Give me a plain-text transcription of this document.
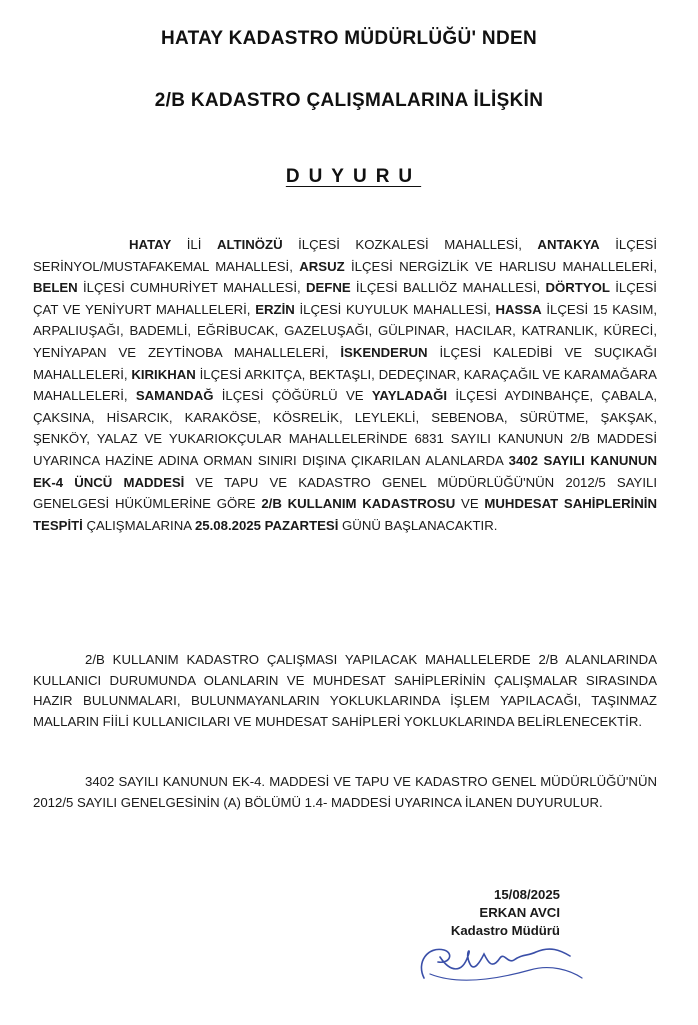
HATAY KADASTRO MÜDÜRLÜĞÜ' NDEN
2/B KADASTRO ÇALIŞMALARINA İLİŞKİN
DUYURU
HATAY İLİ ALTINÖZÜ İLÇESİ KOZKALESİ MAHALLESİ, ANTAKYA İLÇESİ SERİNYOL/MUSTAFAKEMAL MAHALLESİ, ARSUZ İLÇESİ NERGİZLİK VE HARLISU MAHALLELERİ, BELEN İLÇESİ CUMHURİYET MAHALLESİ, DEFNE İLÇESİ BALLIÖZ MAHALLESİ, DÖRTYOL İLÇESİ ÇAT VE YENİYURT MAHALLELERİ, ERZİN İLÇESİ KUYULUK MAHALLESİ, HASSA İLÇESİ 15 KASIM, ARPALIUŞAĞI, BADEMLİ, EĞRİBUCAK, GAZELUŞAĞI, GÜLPINAR, HACILAR, KATRANLIK, KÜRECİ, YENİYAPAN VE ZEYTİNOBA MAHALLELERİ, İSKENDERUN İLÇESİ KALEDİBİ VE SUÇIKAĞI MAHALLELERİ, KIRIKHAN İLÇESİ ARKITÇA, BEKTAŞLI, DEDEÇINAR, KARAÇAĞIL VE KARAMAĞARA MAHALLELERİ, SAMANDAĞ İLÇESİ ÇÖĞÜRLÜ VE YAYLADAĞI İLÇESİ AYDINBAHÇE, ÇABALA, ÇAKSINA, HİSARCIK, KARAKÖSE, KÖSRELİK, LEYLEKLİ, SEBENOBA, SÜRÜTME, ŞAKŞAK, ŞENKÖY, YALAZ VE YUKARIOKÇULAR MAHALLELERİNDE 6831 SAYILI KANUNUN 2/B MADDESİ UYARINCA HAZİNE ADINA ORMAN SINIRI DIŞINA ÇIKARILAN ALANLARDA 3402 SAYILI KANUNUN EK-4 ÜNCÜ MADDESİ VE TAPU VE KADASTRO GENEL MÜDÜRLÜĞÜ'NÜN 2012/5 SAYILI GENELGESİ HÜKÜMLERİNE GÖRE 2/B KULLANIM KADASTROSU VE MUHDESAT SAHİPLERİNİN TESPİTİ ÇALIŞMALARINA 25.08.2025 PAZARTESİ GÜNÜ BAŞLANACAKTIR.
2/B KULLANIM KADASTRO ÇALIŞMASI YAPILACAK MAHALLELERDE 2/B ALANLARINDA KULLANICI DURUMUNDA OLANLARIN VE MUHDESAT SAHİPLERİNİN ÇALIŞMALAR SIRASINDA HAZIR BULUNMALARI, BULUNMAYANLARIN YOKLUKLARINDA İŞLEM YAPILACAĞI, TAŞINMAZ MALLARIN FİİLİ KULLANICILARI VE MUHDESAT SAHİPLERİ YOKLUKLARINDA BELİRLENECEKTİR.
3402 SAYILI KANUNUN EK-4. MADDESİ VE TAPU VE KADASTRO GENEL MÜDÜRLÜĞÜ'NÜN 2012/5 SAYILI GENELGESİNİN (A) BÖLÜMÜ 1.4- MADDESİ UYARINCA İLANEN DUYURULUR.
15/08/2025
ERKAN AVCI
Kadastro Müdürü
